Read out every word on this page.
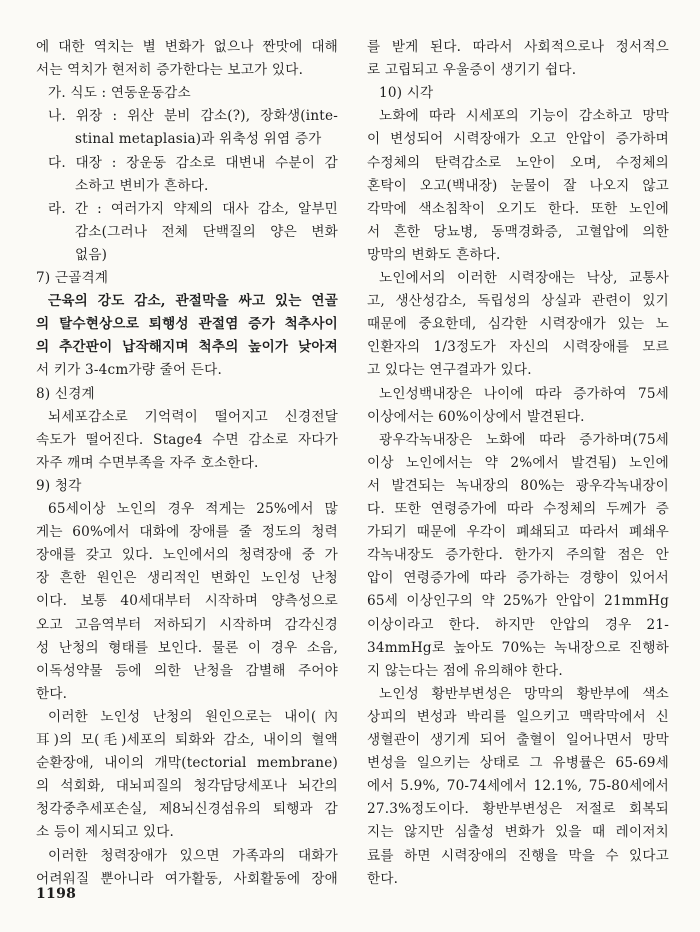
에 대한 역치는 별 변화가 없으나 짠맛에 대해
서는 역치가 현저히 증가한다는 보고가 있다.
가. 식도 : 연동운동감소
나. 위장 : 위산 분비 감소(?), 장화생(inte-
stinal metaplasia)과 위축성 위염 증가
다. 대장 : 장운동 감소로 대변내 수분이 감
소하고 변비가 흔하다.
라. 간 : 여러가지 약제의 대사 감소, 알부민
감소(그러나 전체 단백질의 양은 변화
없음)
7) 근골격계
근육의 강도 감소, 관절막을 싸고 있는 연골
의 탈수현상으로 퇴행성 관절염 증가 척추사이
의 추간판이 납작해지며 척추의 높이가 낮아져
서 키가 3-4cm가량 줄어 든다.
8) 신경계
뇌세포감소로 기억력이 떨어지고 신경전달
속도가 떨어진다. Stage4 수면 감소로 자다가
자주 깨며 수면부족을 자주 호소한다.
9) 청각
65세이상 노인의 경우 적게는 25%에서 많
게는 60%에서 대화에 장애를 줄 정도의 청력
장애를 갖고 있다. 노인에서의 청력장애 중 가
장 흔한 원인은 생리적인 변화인 노인성 난청
이다. 보통 40세대부터 시작하며 양측성으로
오고 고음역부터 저하되기 시작하며 감각신경
성 난청의 형태를 보인다. 물론 이 경우 소음,
이독성약물 등에 의한 난청을 감별해 주어야
한다.
이러한 노인성 난청의 원인으로는 내이(內
耳)의 모(毛)세포의 퇴화와 감소, 내이의 혈액
순환장애, 내이의 개막(tectorial membrane)
의 석회화, 대뇌피질의 청각담당세포나 뇌간의
청각중추세포손실, 제8뇌신경섬유의 퇴행과 감
소 등이 제시되고 있다.
이러한 청력장애가 있으면 가족과의 대화가
어려워질 뿐아니라 여가활동, 사회활동에 장애
를 받게 된다. 따라서 사회적으로나 정서적으
로 고립되고 우울증이 생기기 쉽다.
10) 시각
노화에 따라 시세포의 기능이 감소하고 망막
이 변성되어 시력장애가 오고 안압이 증가하며
수정체의 탄력감소로 노안이 오며, 수정체의
혼탁이 오고(백내장) 눈물이 잘 나오지 않고
각막에 색소침착이 오기도 한다. 또한 노인에
서 흔한 당뇨병, 동맥경화증, 고혈압에 의한
망막의 변화도 흔하다.
노인에서의 이러한 시력장애는 낙상, 교통사
고, 생산성감소, 독립성의 상실과 관련이 있기
때문에 중요한데, 심각한 시력장애가 있는 노
인환자의 1/3정도가 자신의 시력장애를 모르
고 있다는 연구결과가 있다.
노인성백내장은 나이에 따라 증가하여 75세
이상에서는 60%이상에서 발견된다.
광우각녹내장은 노화에 따라 증가하며(75세
이상 노인에서는 약 2%에서 발견됨) 노인에
서 발견되는 녹내장의 80%는 광우각녹내장이
다. 또한 연령증가에 따라 수정체의 두께가 증
가되기 때문에 우각이 폐쇄되고 따라서 폐쇄우
각녹내장도 증가한다. 한가지 주의할 점은 안
압이 연령증가에 따라 증가하는 경향이 있어서
65세 이상인구의 약 25%가 안압이 21mmHg
이상이라고 한다. 하지만 안압의 경우 21-
34mmHg로 높아도 70%는 녹내장으로 진행하
지 않는다는 점에 유의해야 한다.
노인성 황반부변성은 망막의 황반부에 색소
상피의 변성과 박리를 일으키고 맥락막에서 신
생혈관이 생기게 되어 출혈이 일어나면서 망막
변성을 일으키는 상태로 그 유병률은 65-69세
에서 5.9%, 70-74세에서 12.1%, 75-80세에서
27.3%정도이다. 황반부변성은 저절로 회복되
지는 않지만 심출성 변화가 있을 때 레이저치
료를 하면 시력장애의 진행을 막을 수 있다고
한다.
1198
